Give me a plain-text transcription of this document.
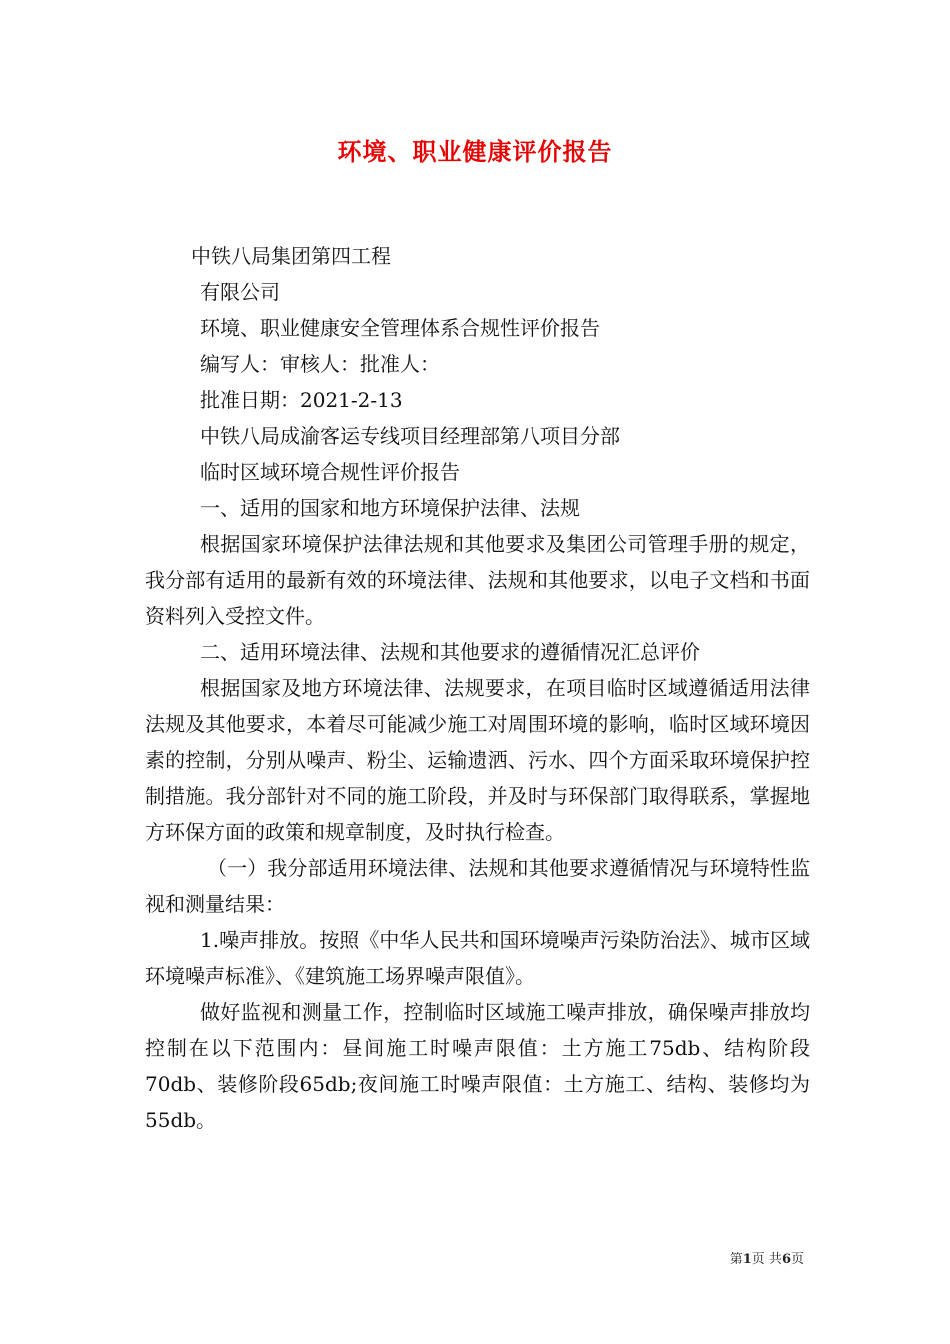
环境、职业健康评价报告
中铁八局集团第四工程
有限公司
环境、职业健康安全管理体系合规性评价报告
编写人：审核人：批准人：
批准日期：2021-2-13
中铁八局成渝客运专线项目经理部第八项目分部
临时区域环境合规性评价报告
一、适用的国家和地方环境保护法律、法规

根据国家环境保护法律法规和其他要求及集团公司管理手册的规定，我分部有适用的最新有效的环境法律、法规和其他要求，以电子文档和书面资料列入受控文件。

二、适用环境法律、法规和其他要求的遵循情况汇总评价

根据国家及地方环境法律、法规要求，在项目临时区域遵循适用法律法规及其他要求，本着尽可能减少施工对周围环境的影响，临时区域环境因素的控制，分别从噪声、粉尘、运输遗洒、污水、四个方面采取环境保护控制措施。我分部针对不同的施工阶段，并及时与环保部门取得联系，掌握地方环保方面的政策和规章制度，及时执行检查。

（一）我分部适用环境法律、法规和其他要求遵循情况与环境特性监视和测量结果：

1.噪声排放。按照《中华人民共和国环境噪声污染防治法》、城市区域环境噪声标准》、《建筑施工场界噪声限值》。

做好监视和测量工作，控制临时区域施工噪声排放，确保噪声排放均控制在以下范围内：昼间施工时噪声限值：土方施工75db、结构阶段70db、装修阶段65db;夜间施工时噪声限值：土方施工、结构、装修均为55db。

第1页 共6页
